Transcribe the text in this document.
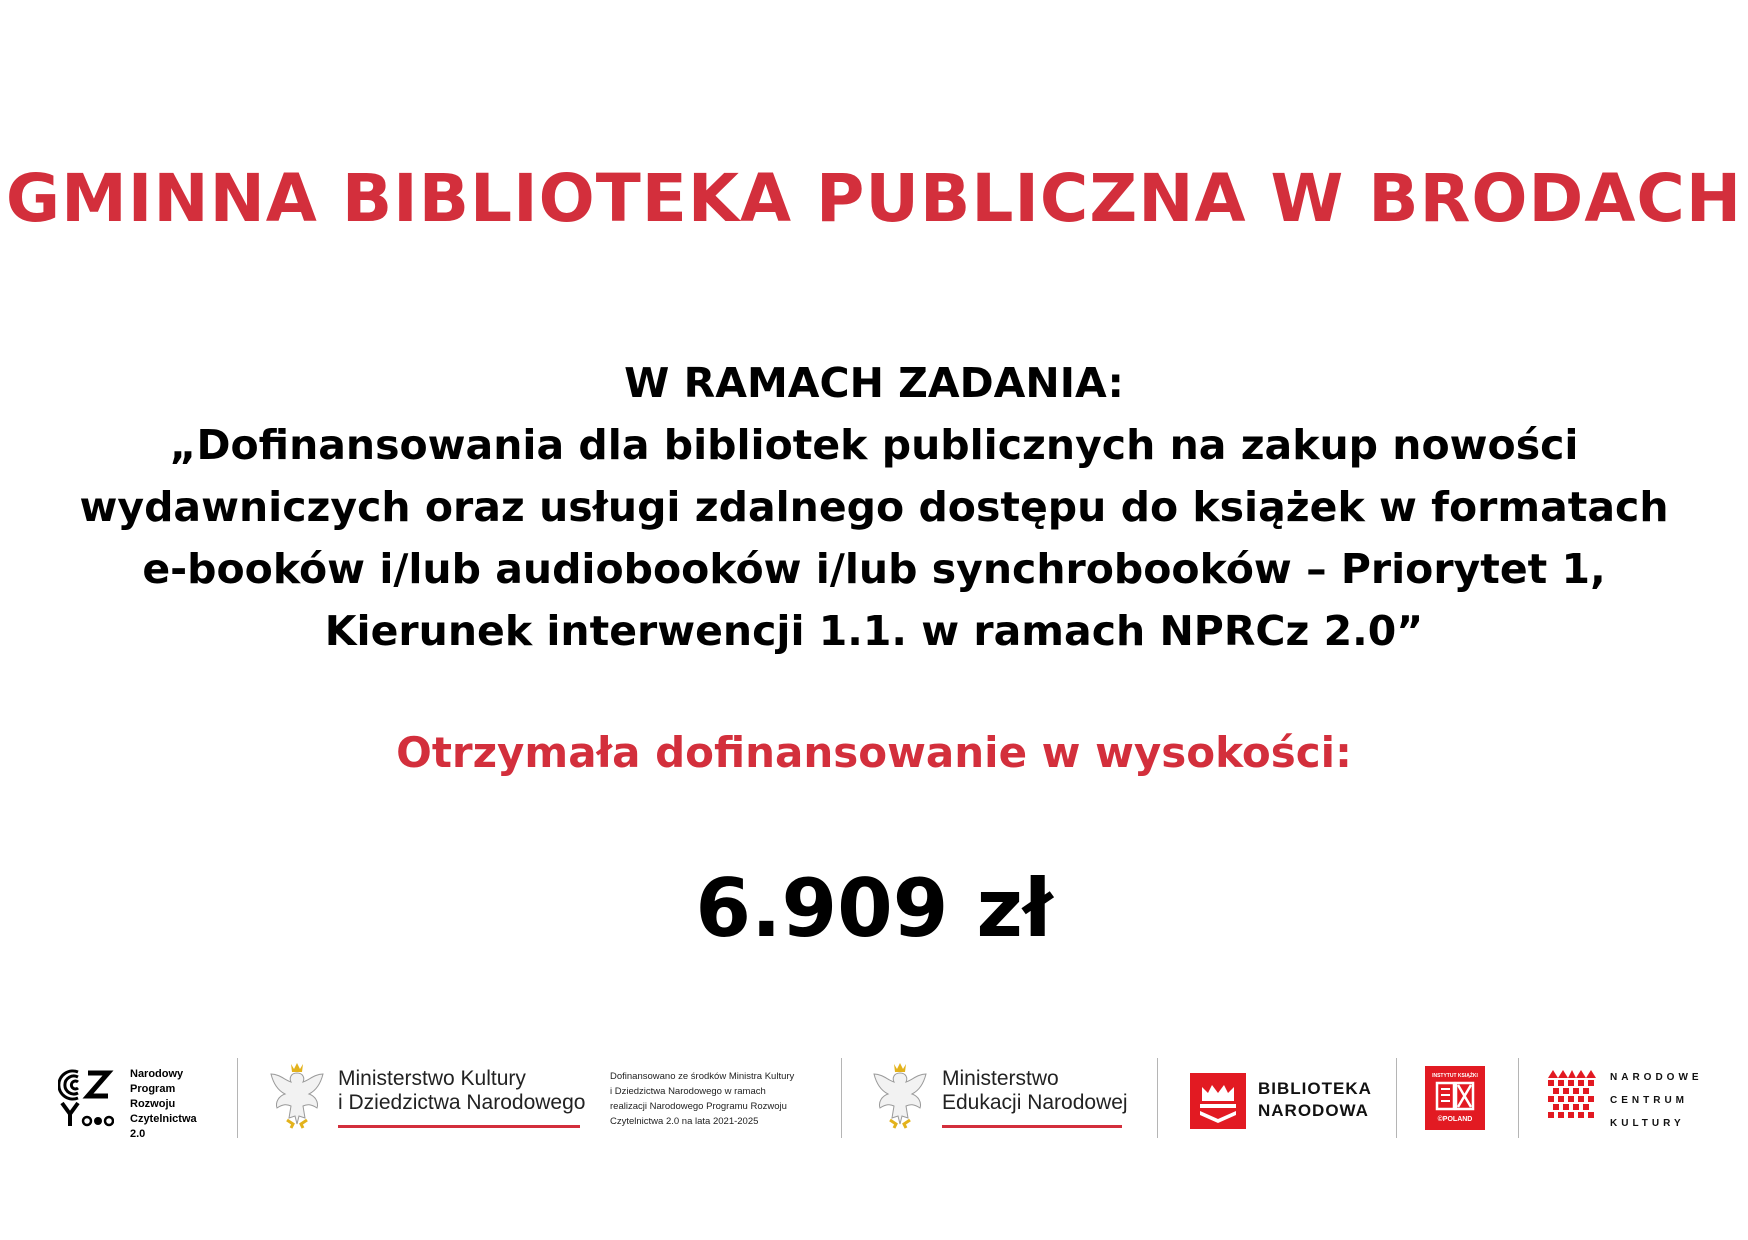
GMINNA BIBLIOTEKA PUBLICZNA W BRODACH
W RAMACH ZADANIA:
„Dofinansowania dla bibliotek publicznych na zakup nowości
wydawniczych oraz usługi zdalnego dostępu do książek w formatach
e-booków i/lub audiobooków i/lub synchrobooków – Priorytet 1,
Kierunek interwencji 1.1. w ramach NPRCz 2.0”
Otrzymała dofinansowanie w wysokości:
6.909 zł
Narodowy
Program
Rozwoju
Czytelnictwa
2.0
Ministerstwo Kultury
i Dziedzictwa Narodowego
Dofinansowano ze środków Ministra Kultury
i Dziedzictwa Narodowego w ramach
realizacji Narodowego Programu Rozwoju
Czytelnictwa 2.0 na lata 2021-2025
Ministerstwo
Edukacji Narodowej
BIBLIOTEKA
NARODOWA
INSTYTUT KSIĄŻKI
©POLAND
NARODOWE
CENTRUM
KULTURY
